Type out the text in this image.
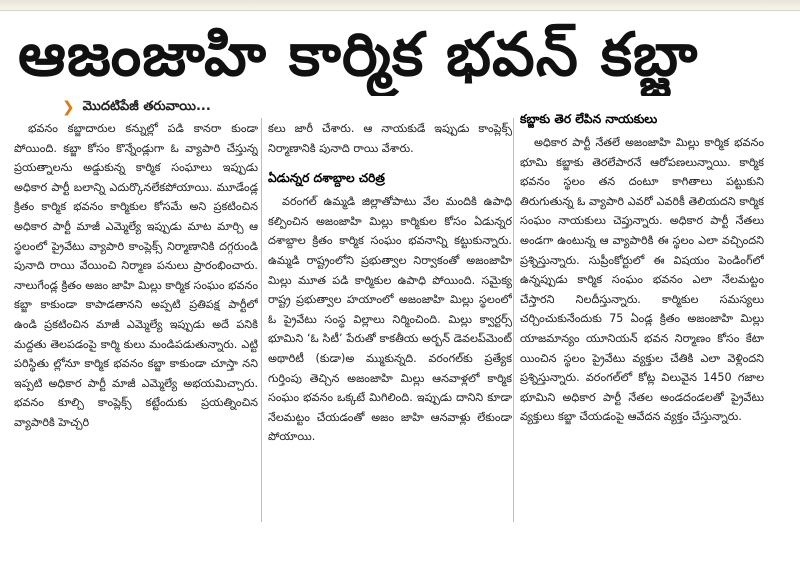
ఆజంజాహి కార్మిక భవన్‌ కబ్జా
❯ మొదటిపేజీ తరువాయి...

భవనం కబ్జాదారుల కన్నుల్లో పడి కానరా కుండా పోయింది. కబ్జా కోసం కొన్నేండ్లుగా ఓ వ్యాపారి చేస్తున్న ప్రయత్నాలను అడ్డుకున్న కార్మిక సంఘాలు ఇప్పుడు అధికార పార్టీ బలాన్ని ఎదుర్కొనలేకపోయాయి. మూడేండ్ల క్రితం కార్మిక భవనం కార్మికుల కోసమే అని ప్రకటించిన అధికార పార్టీ మాజీ ఎమ్మెల్యే ఇప్పుడు మాట మార్చి ఆ స్థలంలో ప్రైవేటు వ్యాపారి కాంప్లెక్స్‌ నిర్మాణానికి దగ్గరుండి పునాది రాయి వేయించి నిర్మాణ పనులు ప్రారంభించారు. నాలుగేండ్ల క్రితం అజం జాహి మిల్లు కార్మిక సంఘం భవనం కబ్జా కాకుండా కాపాడతానని అప్పటి ప్రతిపక్ష పార్టీలో ఉండి ప్రకటించిన మాజీ ఎమ్మెల్యే ఇప్పుడు అదే పనికి మద్దతు తెలపడంపై కార్మి కులు మండిపడుతున్నారు. ఎట్టి పరిస్థితు ల్లోనూ కార్మిక భవనం కబ్జా కాకుండా చూస్తా నని ఇప్పటి అధికార పార్టీ మాజీ ఎమ్మెల్యే అభయమిచ్చారు. భవనం కూల్చి కాంప్లెక్స్‌ కట్టేందుకు ప్రయత్నించిన వ్యాపారికి హెచ్చరి

కలు జారీ చేశారు. ఆ నాయకుడే ఇప్పుడు కాంప్లెక్స్‌ నిర్మాణానికి పునాది రాయి వేశారు.

ఏడున్నర దశాబ్దాల చరిత్ర

వరంగల్‌ ఉమ్మడి జిల్లాతోపాటు వేల మందికి ఉపాధి కల్పించిన అజంజాహి మిల్లు కార్మికుల కోసం ఏడున్నర దశాబ్దాల క్రితం కార్మిక సంఘం భవనాన్ని కట్టుకున్నారు. ఉమ్మడి రాష్ట్రంలోని ప్రభుత్వాల నిర్వాకంతో అజంజాహి మిల్లు మూత పడి కార్మికుల ఉపాధి పోయింది. సమైక్య రాష్ట్ర ప్రభుత్వాల హయాంలో అజంజాహి మిల్లు స్థలంలో ఓ ప్రైవేటు సంస్థ విల్లాలు నిర్మించింది. మిల్లు క్వార్టర్స్‌ భూమిని ‘ఓ సిటీ’ పేరుతో కాకతీయ అర్బన్‌ డెవలప్‌మెంట్‌ అథారిటీ (కుడా)అ మ్ముకున్నది. వరంగల్‌కు ప్రత్యేక గుర్తింపు తెచ్చిన అజంజాహి మిల్లు ఆనవాళ్లలో కార్మిక సంఘం భవనం ఒక్కటే మిగిలింది. ఇప్పుడు దానిని కూడా నేలమట్టం చేయడంతో అజం జాహి ఆనవాళ్లు లేకుండా పోయాయి.

కబ్జాకు తెర లేపిన నాయకులు

అధికార పార్టీ నేతలే అజంజాహి మిల్లు కార్మిక భవనం భూమి కబ్జాకు తెరలేపారనే ఆరోపణలున్నాయి. కార్మిక భవనం స్థలం తన దంటూ కాగితాలు పట్టుకుని తిరుగుతున్న ఓ వ్యాపారి ఎవరో ఎవరికీ తెలియదని కార్మిక సంఘం నాయకులు చెప్తున్నారు. అధికార పార్టీ నేతలు అండగా ఉంటున్న ఆ వ్యాపారికి ఈ స్థలం ఎలా వచ్చిందని ప్రశ్నిస్తున్నారు. సుప్రీంకోర్టులో ఈ విషయం పెండింగ్‌లో ఉన్నప్పుడు కార్మిక సంఘం భవనం ఎలా నేలమట్టం చేస్తారని నిలదీస్తున్నారు. కార్మికుల సమస్యలు చర్చించుకునేందుకు 75 ఏండ్ల క్రితం అజంజాహి మిల్లు యాజమాన్యం యూనియన్‌ భవన నిర్మాణం కోసం కేటా యించిన స్థలం ప్రైవేటు వ్యక్తుల చేతికి ఎలా వెళ్లిందని ప్రశ్నిస్తున్నారు. వరంగల్‌లో కోట్ల విలువైన 1450 గజాల భూమిని అధికార పార్టీ నేతల అండదండలతో ప్రైవేటు వ్యక్తులు కబ్జా చేయడంపై ఆవేదన వ్యక్తం చేస్తున్నారు.
